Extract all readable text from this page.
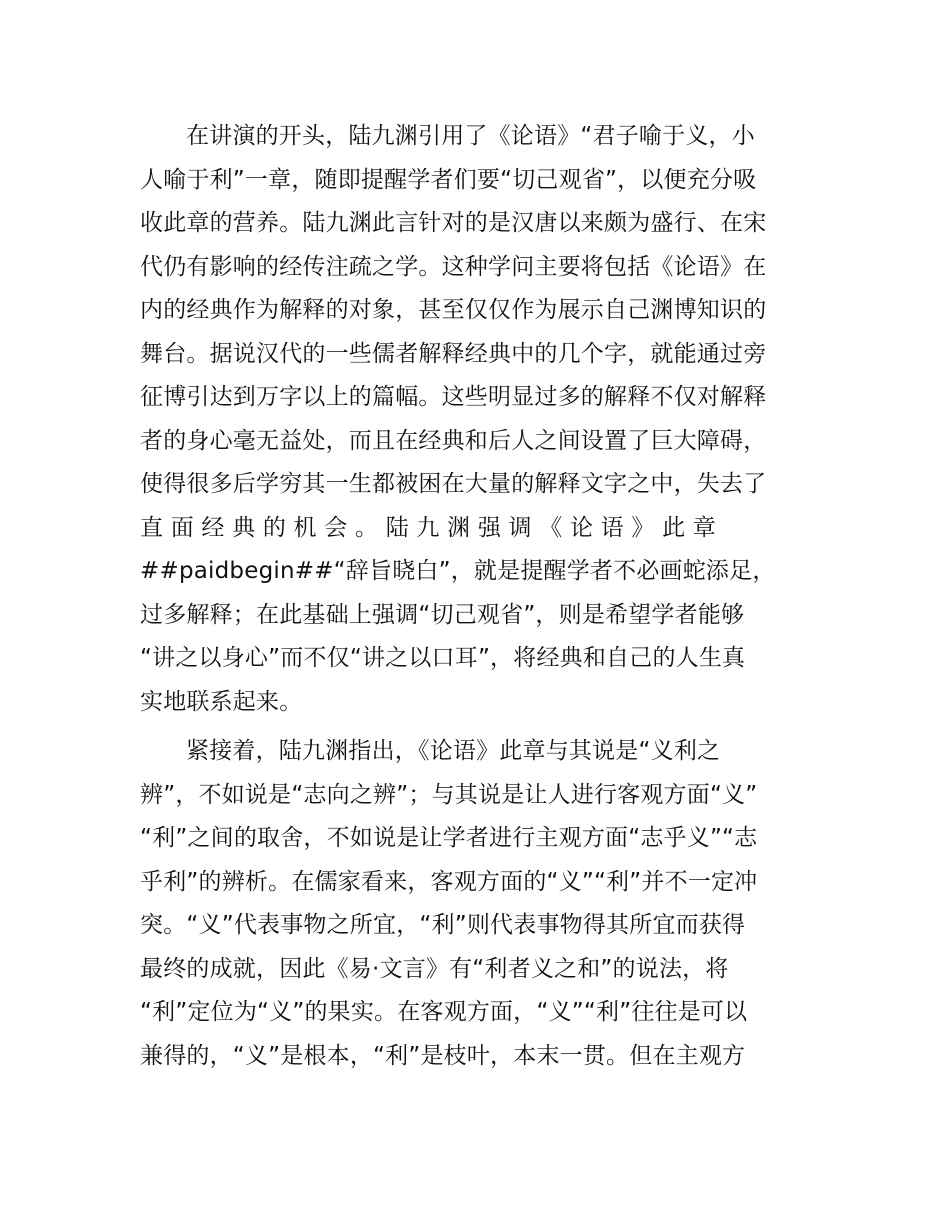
在讲演的开头，陆九渊引用了《论语》“君子喻于义，小
人喻于利”一章，随即提醒学者们要“切己观省”，以便充分吸
收此章的营养。陆九渊此言针对的是汉唐以来颇为盛行、在宋
代仍有影响的经传注疏之学。这种学问主要将包括《论语》在
内的经典作为解释的对象，甚至仅仅作为展示自己渊博知识的
舞台。据说汉代的一些儒者解释经典中的几个字，就能通过旁
征博引达到万字以上的篇幅。这些明显过多的解释不仅对解释
者的身心毫无益处，而且在经典和后人之间设置了巨大障碍，
使得很多后学穷其一生都被困在大量的解释文字之中，失去了
直 面 经 典 的 机 会 。 陆 九 渊 强 调 《 论 语 》 此 章
##paidbegin##“辞旨晓白”，就是提醒学者不必画蛇添足，
过多解释；在此基础上强调“切己观省”，则是希望学者能够
“讲之以身心”而不仅“讲之以口耳”，将经典和自己的人生真
实地联系起来。
紧接着，陆九渊指出，《论语》此章与其说是“义利之
辨”，不如说是“志向之辨”；与其说是让人进行客观方面“义”
“利”之间的取舍，不如说是让学者进行主观方面“志乎义”“志
乎利”的辨析。在儒家看来，客观方面的“义”“利”并不一定冲
突。“义”代表事物之所宜，“利”则代表事物得其所宜而获得
最终的成就，因此《易·文言》有“利者义之和”的说法，将
“利”定位为“义”的果实。在客观方面，“义”“利”往往是可以
兼得的，“义”是根本，“利”是枝叶，本末一贯。但在主观方
